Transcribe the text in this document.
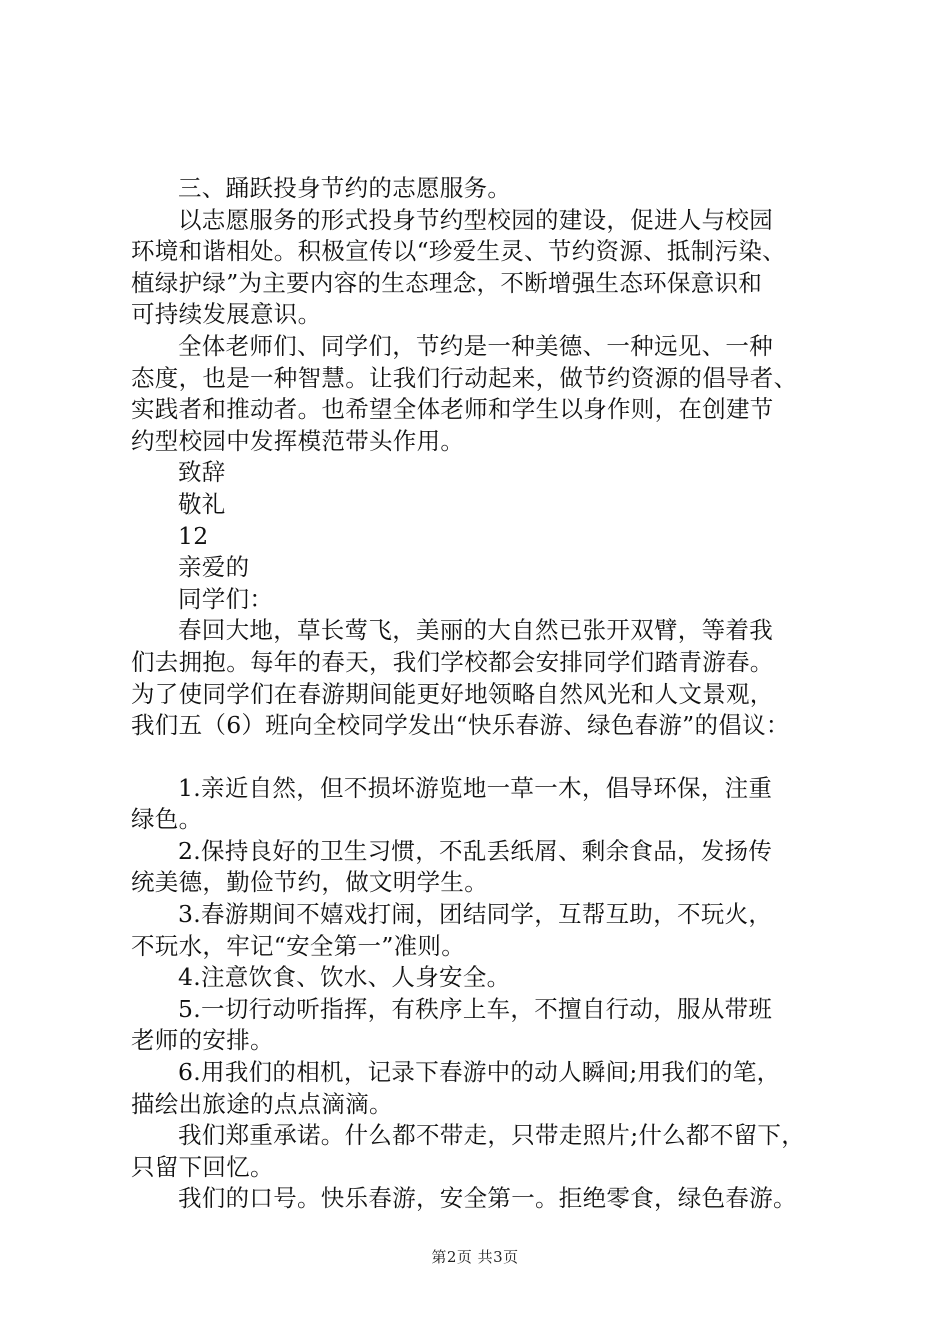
三、踊跃投身节约的志愿服务。

以志愿服务的形式投身节约型校园的建设，促进人与校园

环境和谐相处。积极宣传以“珍爱生灵、节约资源、抵制污染、

植绿护绿”为主要内容的生态理念，不断增强生态环保意识和

可持续发展意识。

全体老师们、同学们，节约是一种美德、一种远见、一种

态度，也是一种智慧。让我们行动起来，做节约资源的倡导者、

实践者和推动者。也希望全体老师和学生以身作则，在创建节

约型校园中发挥模范带头作用。

致辞

敬礼

12

亲爱的

同学们：

春回大地，草长莺飞，美丽的大自然已张开双臂，等着我

们去拥抱。每年的春天，我们学校都会安排同学们踏青游春。

为了使同学们在春游期间能更好地领略自然风光和人文景观，

我们五（6）班向全校同学发出“快乐春游、绿色春游”的倡议：

1.亲近自然，但不损坏游览地一草一木，倡导环保，注重

绿色。

2.保持良好的卫生习惯，不乱丢纸屑、剩余食品，发扬传

统美德，勤俭节约，做文明学生。

3.春游期间不嬉戏打闹，团结同学，互帮互助，不玩火，

不玩水，牢记“安全第一”准则。

4.注意饮食、饮水、人身安全。

5.一切行动听指挥，有秩序上车，不擅自行动，服从带班

老师的安排。

6.用我们的相机，记录下春游中的动人瞬间;用我们的笔，

描绘出旅途的点点滴滴。

我们郑重承诺。什么都不带走，只带走照片;什么都不留下，

只留下回忆。

我们的口号。快乐春游，安全第一。拒绝零食，绿色春游。

第2页 共3页
